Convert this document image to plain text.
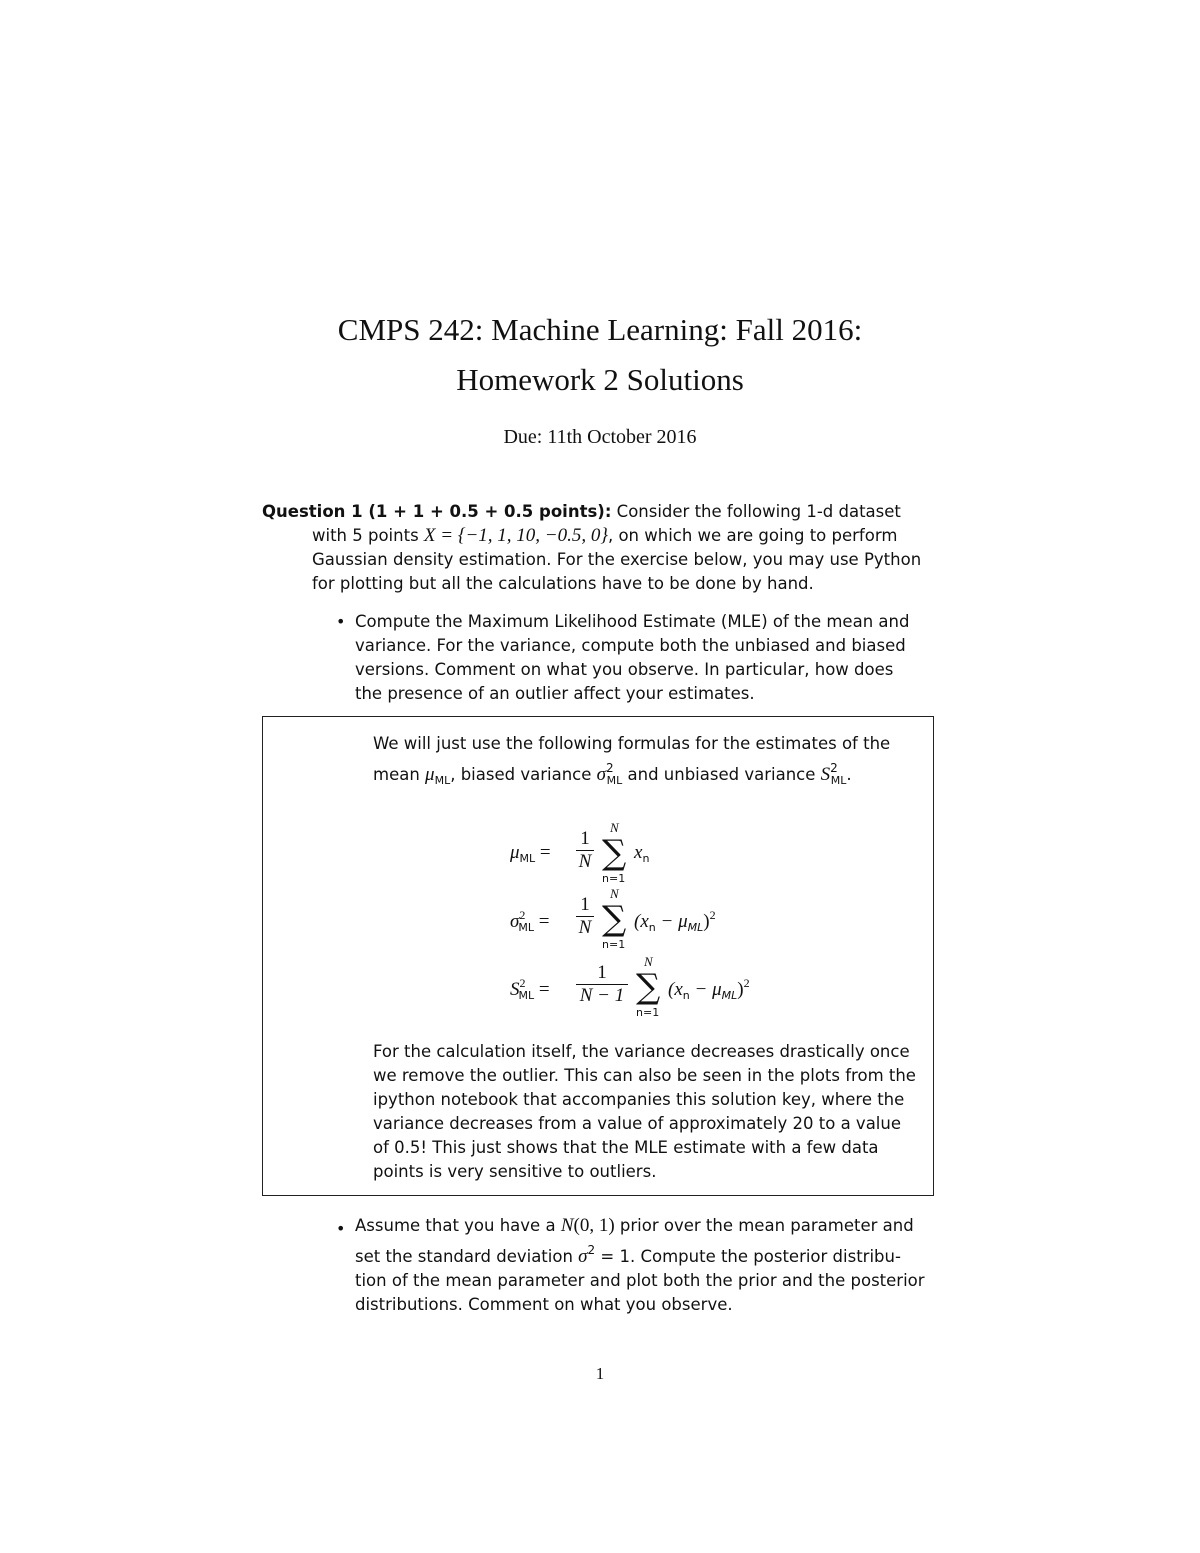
CMPS 242: Machine Learning: Fall 2016:
Homework 2 Solutions
Due: 11th October 2016
Question 1 (1 + 1 + 0.5 + 0.5 points): Consider the following 1-d dataset
with 5 points X = {−1, 1, 10, −0.5, 0}, on which we are going to perform
Gaussian density estimation. For the exercise below, you may use Python
for plotting but all the calculations have to be done by hand.
• Compute the Maximum Likelihood Estimate (MLE) of the mean and
variance. For the variance, compute both the unbiased and biased
versions. Comment on what you observe. In particular, how does
the presence of an outlier affect your estimates.
We will just use the following formulas for the estimates of the
mean $\mu_{ML}$, biased variance $\sigma^2_{ML}$ and unbiased variance $S^2_{ML}$.
$\mu_{ML} = \frac{1}{N}$
N
∑
n=1
$x_n$
$\sigma^2_{ML} = \frac{1}{N}$
N
∑
n=1
$(x_n - \mu_{ML})^2$
$S^2_{ML} = \frac{1}{N - 1}$
N
∑
n=1
$(x_n - \mu_{ML})^2$
For the calculation itself, the variance decreases drastically once
we remove the outlier. This can also be seen in the plots from the
ipython notebook that accompanies this solution key, where the
variance decreases from a value of approximately 20 to a value
of 0.5! This just shows that the MLE estimate with a few data
points is very sensitive to outliers.
• Assume that you have a N(0, 1) prior over the mean parameter and
set the standard deviation $\sigma^2 = 1$. Compute the posterior distribu-
tion of the mean parameter and plot both the prior and the posterior
distributions. Comment on what you observe.
1
